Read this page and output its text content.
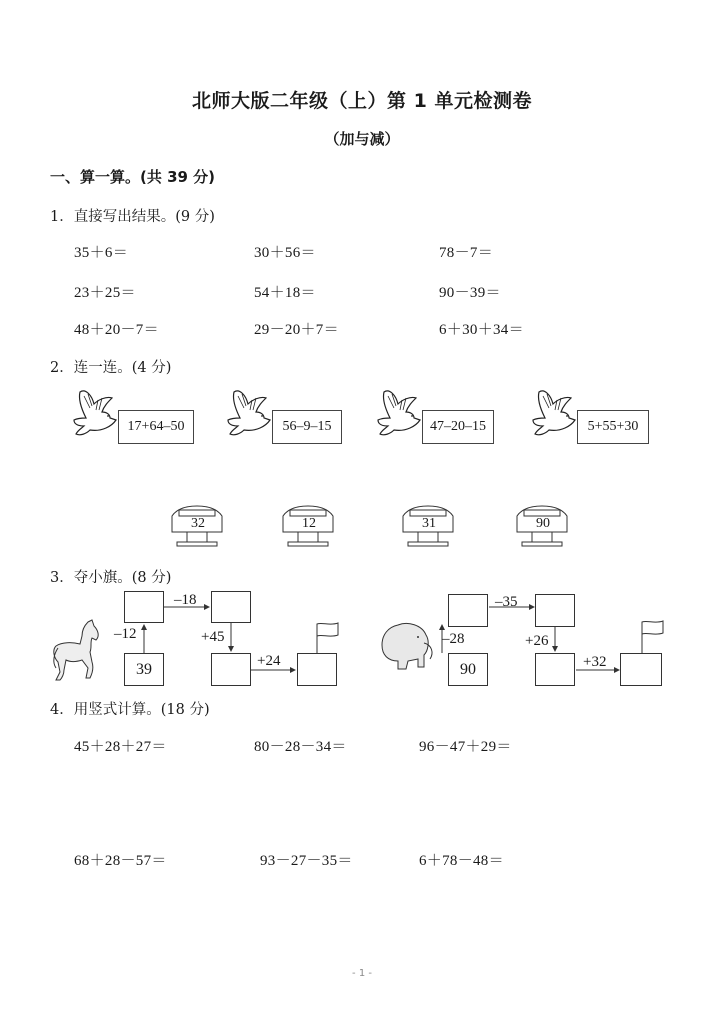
北师大版二年级（上）第 1 单元检测卷
（加与减）
一、算一算。(共 39 分)
1．直接写出结果。(9 分)
35＋6＝	30＋56＝	78－7＝
23＋25＝	54＋18＝	90－39＝
48＋20－7＝	29－20＋7＝	6＋30＋34＝
2．连一连。(4 分)
17+64–50	56–9–15	47–20–15	5+55+30
32	12	31	90
3．夺小旗。(8 分)
39
–12
–18
+45
+24	90
–28
–35
+26
+32
4．用竖式计算。(18 分)
45＋28＋27＝	80－28－34＝	96－47＋29＝
68＋28－57＝	93－27－35＝	6＋78－48＝
- 1 -
